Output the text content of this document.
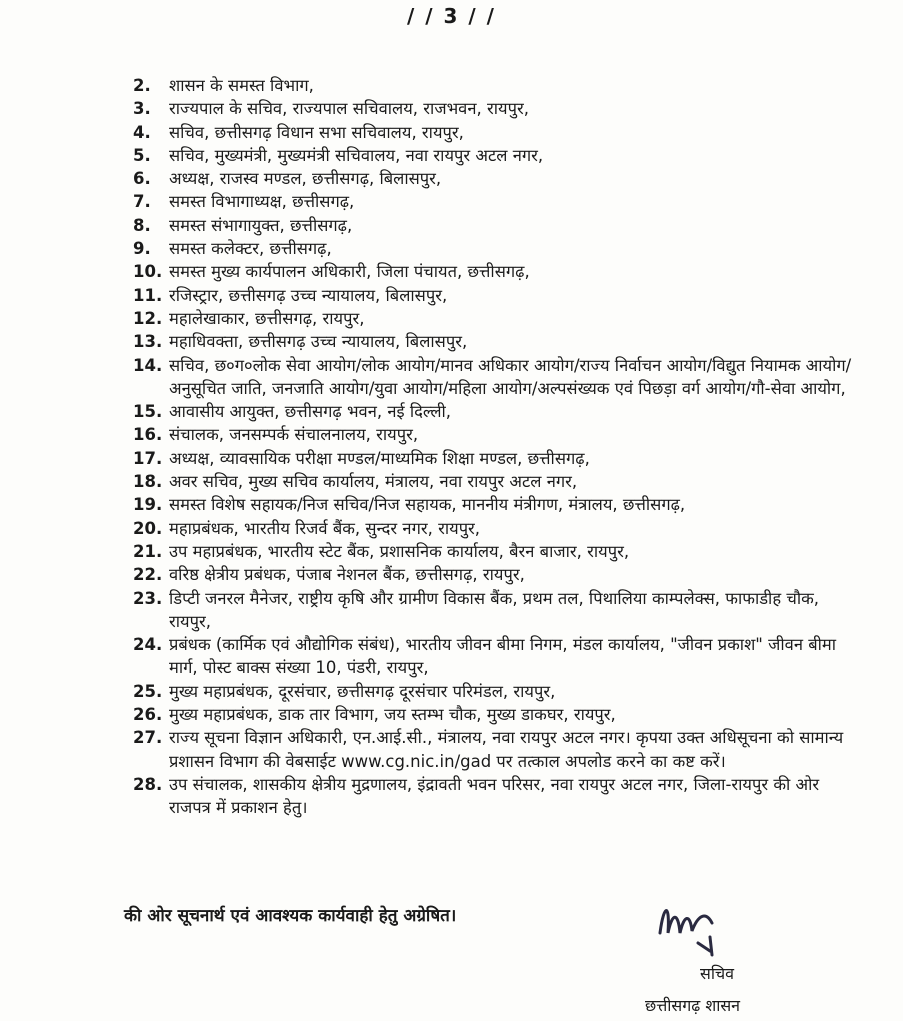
/ / 3 / /
2. शासन के समस्त विभाग,
3. राज्यपाल के सचिव, राज्यपाल सचिवालय, राजभवन, रायपुर,
4. सचिव, छत्तीसगढ़ विधान सभा सचिवालय, रायपुर,
5. सचिव, मुख्यमंत्री, मुख्यमंत्री सचिवालय, नवा रायपुर अटल नगर,
6. अध्यक्ष, राजस्व मण्डल, छत्तीसगढ़, बिलासपुर,
7. समस्त विभागाध्यक्ष, छत्तीसगढ़,
8. समस्त संभागायुक्त, छत्तीसगढ़,
9. समस्त कलेक्टर, छत्तीसगढ़,
10. समस्त मुख्य कार्यपालन अधिकारी, जिला पंचायत, छत्तीसगढ़,
11. रजिस्ट्रार, छत्तीसगढ़ उच्च न्यायालय, बिलासपुर,
12. महालेखाकार, छत्तीसगढ़, रायपुर,
13. महाधिवक्ता, छत्तीसगढ़ उच्च न्यायालय, बिलासपुर,
14. सचिव, छ०ग०लोक सेवा आयोग/लोक आयोग/मानव अधिकार आयोग/राज्य निर्वाचन आयोग/विद्युत नियामक आयोग/अनुसूचित जाति, जनजाति आयोग/युवा आयोग/महिला आयोग/अल्पसंख्यक एवं पिछड़ा वर्ग आयोग/गौ-सेवा आयोग,
15. आवासीय आयुक्त, छत्तीसगढ़ भवन, नई दिल्ली,
16. संचालक, जनसम्पर्क संचालनालय, रायपुर,
17. अध्यक्ष, व्यावसायिक परीक्षा मण्डल/माध्यमिक शिक्षा मण्डल, छत्तीसगढ़,
18. अवर सचिव, मुख्य सचिव कार्यालय, मंत्रालय, नवा रायपुर अटल नगर,
19. समस्त विशेष सहायक/निज सचिव/निज सहायक, माननीय मंत्रीगण, मंत्रालय, छत्तीसगढ़,
20. महाप्रबंधक, भारतीय रिजर्व बैंक, सुन्दर नगर, रायपुर,
21. उप महाप्रबंधक, भारतीय स्टेट बैंक, प्रशासनिक कार्यालय, बैरन बाजार, रायपुर,
22. वरिष्ठ क्षेत्रीय प्रबंधक, पंजाब नेशनल बैंक, छत्तीसगढ़, रायपुर,
23. डिप्टी जनरल मैनेजर, राष्ट्रीय कृषि और ग्रामीण विकास बैंक, प्रथम तल, पिथालिया काम्पलेक्स, फाफाडीह चौक, रायपुर,
24. प्रबंधक (कार्मिक एवं औद्योगिक संबंध), भारतीय जीवन बीमा निगम, मंडल कार्यालय, "जीवन प्रकाश" जीवन बीमा मार्ग, पोस्ट बाक्स संख्या 10, पंडरी, रायपुर,
25. मुख्य महाप्रबंधक, दूरसंचार, छत्तीसगढ़ दूरसंचार परिमंडल, रायपुर,
26. मुख्य महाप्रबंधक, डाक तार विभाग, जय स्तम्भ चौक, मुख्य डाकघर, रायपुर,
27. राज्य सूचना विज्ञान अधिकारी, एन.आई.सी., मंत्रालय, नवा रायपुर अटल नगर। कृपया उक्त अधिसूचना को सामान्य प्रशासन विभाग की वेबसाईट www.cg.nic.in/gad पर तत्काल अपलोड करने का कष्ट करें।
28. उप संचालक, शासकीय क्षेत्रीय मुद्रणालय, इंद्रावती भवन परिसर, नवा रायपुर अटल नगर, जिला-रायपुर की ओर राजपत्र में प्रकाशन हेतु।
की ओर सूचनार्थ एवं आवश्यक कार्यवाही हेतु अग्रेषित।
सचिव
छत्तीसगढ़ शासन
